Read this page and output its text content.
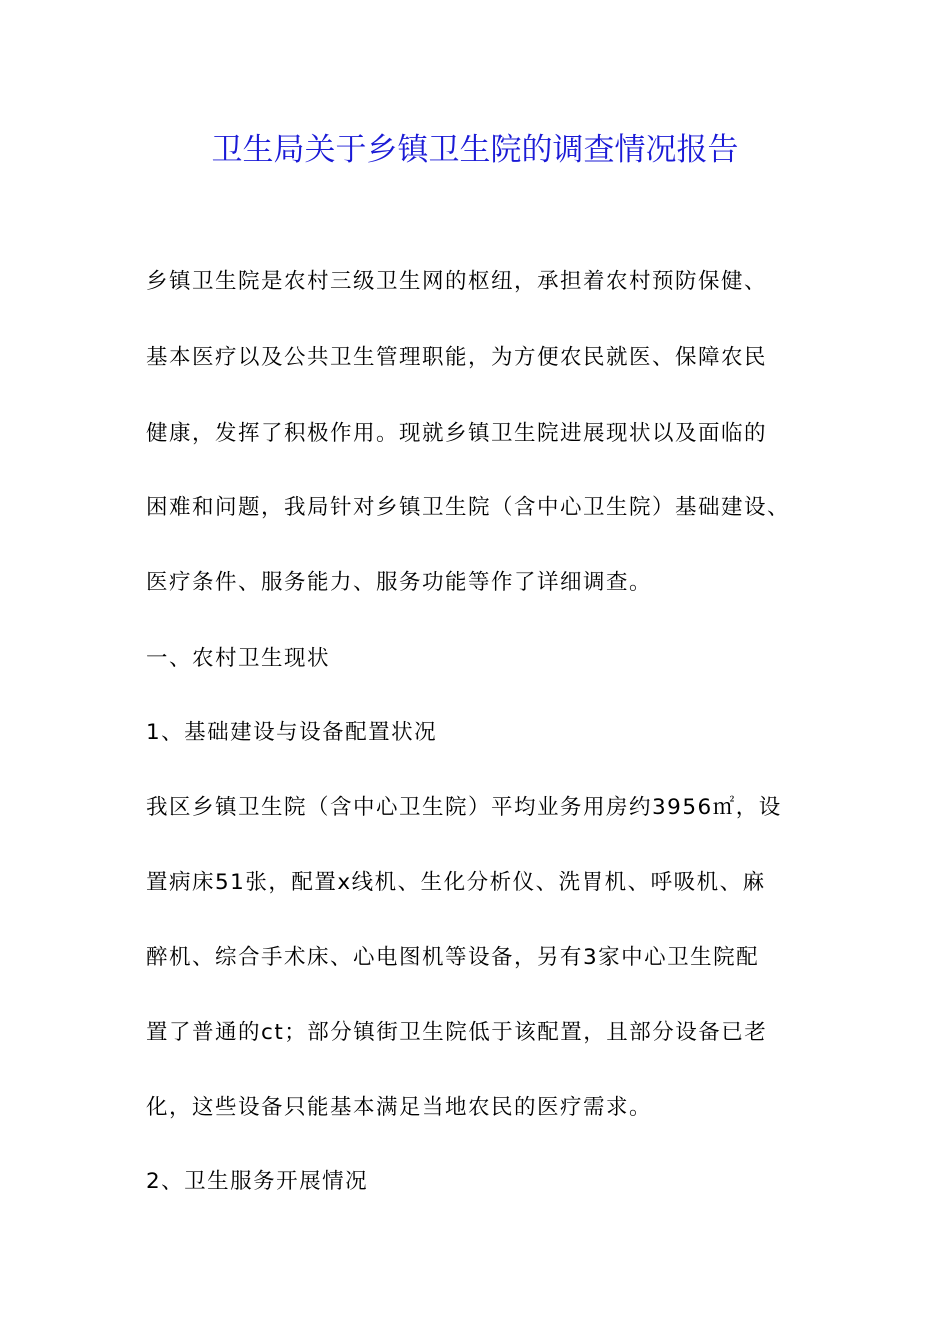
卫生局关于乡镇卫生院的调查情况报告
乡镇卫生院是农村三级卫生网的枢纽，承担着农村预防保健、
基本医疗以及公共卫生管理职能，为方便农民就医、保障农民
健康，发挥了积极作用。现就乡镇卫生院进展现状以及面临的
困难和问题，我局针对乡镇卫生院（含中心卫生院）基础建设、
医疗条件、服务能力、服务功能等作了详细调查。
一、农村卫生现状
1、基础建设与设备配置状况
我区乡镇卫生院（含中心卫生院）平均业务用房约3956㎡，设
置病床51张，配置x线机、生化分析仪、洗胃机、呼吸机、麻
醉机、综合手术床、心电图机等设备，另有3家中心卫生院配
置了普通的ct；部分镇街卫生院低于该配置，且部分设备已老
化，这些设备只能基本满足当地农民的医疗需求。
2、卫生服务开展情况
